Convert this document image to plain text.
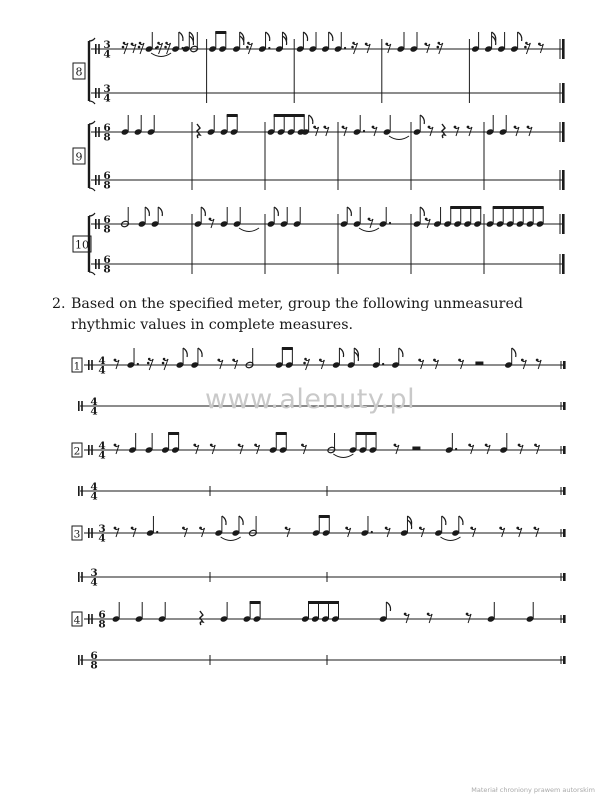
8
3
4
3
4
9
6
8
6
8
10
6
8
6
8
1 4
4
4
4
2 4
4
4
4
3 3
4
3
4
4 6
8
6
8
2. Based on the specified meter, group the following unmeasured rhythmic values in complete measures.
www.alenuty.pl
Materiał chroniony prawem autorskim
